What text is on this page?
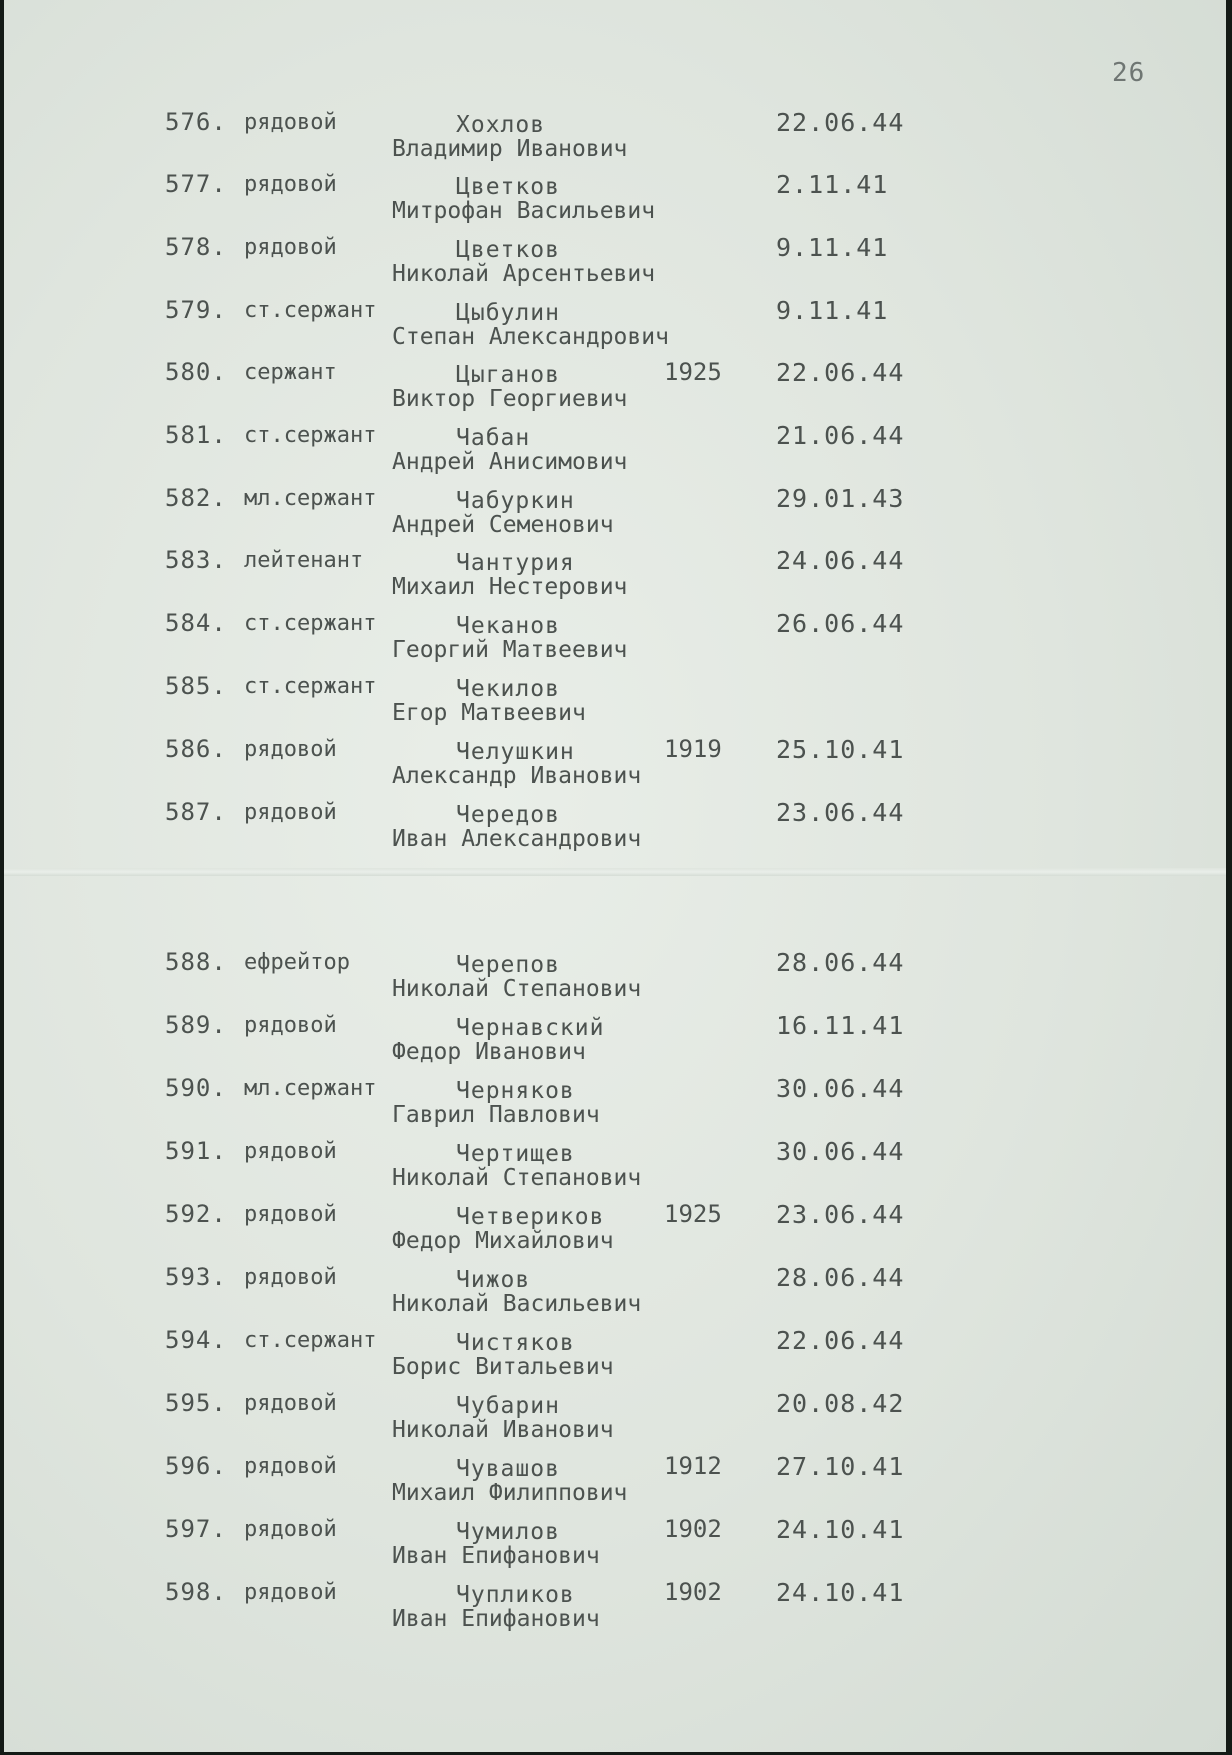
26
576. рядовой	Хохлов
Владимир Иванович
22.06.44
577. рядовой	Цветков
Митрофан Васильевич
2.11.41
578. рядовой	Цветков
Николай Арсентьевич
9.11.41
579. ст.сержант	Цыбулин
Степан Александрович
9.11.41
580. сержант	Цыганов
Виктор Георгиевич
1925 22.06.44
581. ст.сержант	Чабан
Андрей Анисимович
21.06.44
582. мл.сержант	Чабуркин
Андрей Семенович
29.01.43
583. лейтенант	Чантурия
Михаил Нестерович
24.06.44
584. ст.сержант	Чеканов
Георгий Матвеевич
26.06.44
585. ст.сержант	Чекилов
Егор Матвеевич
586. рядовой	Челушкин
Александр Иванович
1919 25.10.41
587. рядовой	Чередов
Иван Александрович
23.06.44
588. ефрейтор	Черепов
Николай Степанович
28.06.44
589. рядовой	Чернавский
Федор Иванович
16.11.41
590. мл.сержант	Черняков
Гаврил Павлович
30.06.44
591. рядовой	Чертищев
Николай Степанович
30.06.44
592. рядовой	Четвериков
Федор Михайлович
1925 23.06.44
593. рядовой	Чижов
Николай Васильевич
28.06.44
594. ст.сержант	Чистяков
Борис Витальевич
22.06.44
595. рядовой	Чубарин
Николай Иванович
20.08.42
596. рядовой	Чувашов
Михаил Филиппович
1912 27.10.41
597. рядовой	Чумилов
Иван Епифанович
1902 24.10.41
598. рядовой	Чупликов
Иван Епифанович
1902 24.10.41
